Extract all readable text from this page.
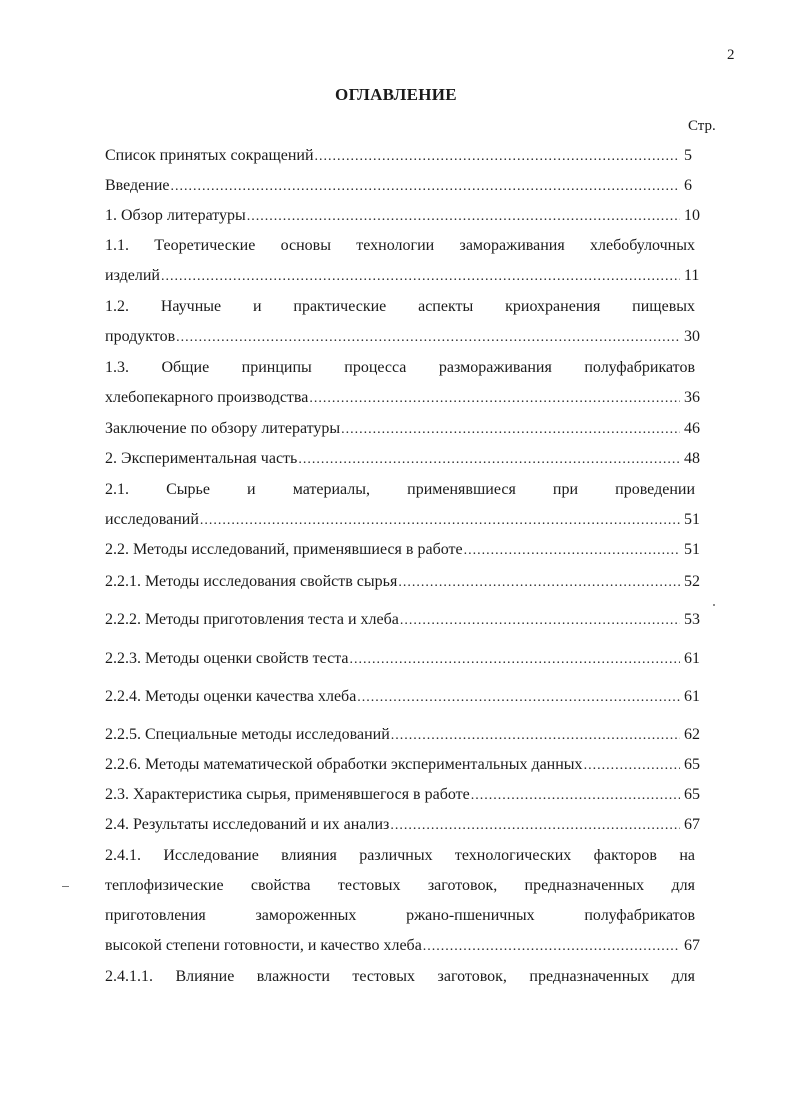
2
ОГЛАВЛЕНИЕ
Стр.
Список принятых сокращений .....	5
Введение .....	6
1. Обзор литературы .....	10
1.1. Теоретические основы технологии замораживания хлебобулочных
изделий .....	11
1.2. Научные и практические аспекты криохранения пищевых
продуктов .....	30
1.3. Общие принципы процесса размораживания полуфабрикатов
хлебопекарного производства .....	36
Заключение по обзору литературы .....	46
2. Экспериментальная часть .....	48
2.1. Сырье и материалы, применявшиеся при проведении
исследований .....	51
2.2. Методы исследований, применявшиеся в работе .....	51
2.2.1. Методы исследования свойств сырья .....	52
2.2.2. Методы приготовления теста и хлеба .....	53
2.2.3. Методы оценки свойств теста .....	61
2.2.4. Методы оценки качества хлеба .....	61
2.2.5. Специальные методы исследований .....	62
2.2.6. Методы математической обработки экспериментальных данных .....	65
2.3. Характеристика сырья, применявшегося в работе .....	65
2.4. Результаты исследований и их анализ .....	67
2.4.1. Исследование влияния различных технологических факторов на
теплофизические свойства тестовых заготовок, предназначенных для
приготовления замороженных ржано-пшеничных полуфабрикатов
высокой степени готовности, и качество хлеба .....	67
2.4.1.1. Влияние влажности тестовых заготовок, предназначенных для
